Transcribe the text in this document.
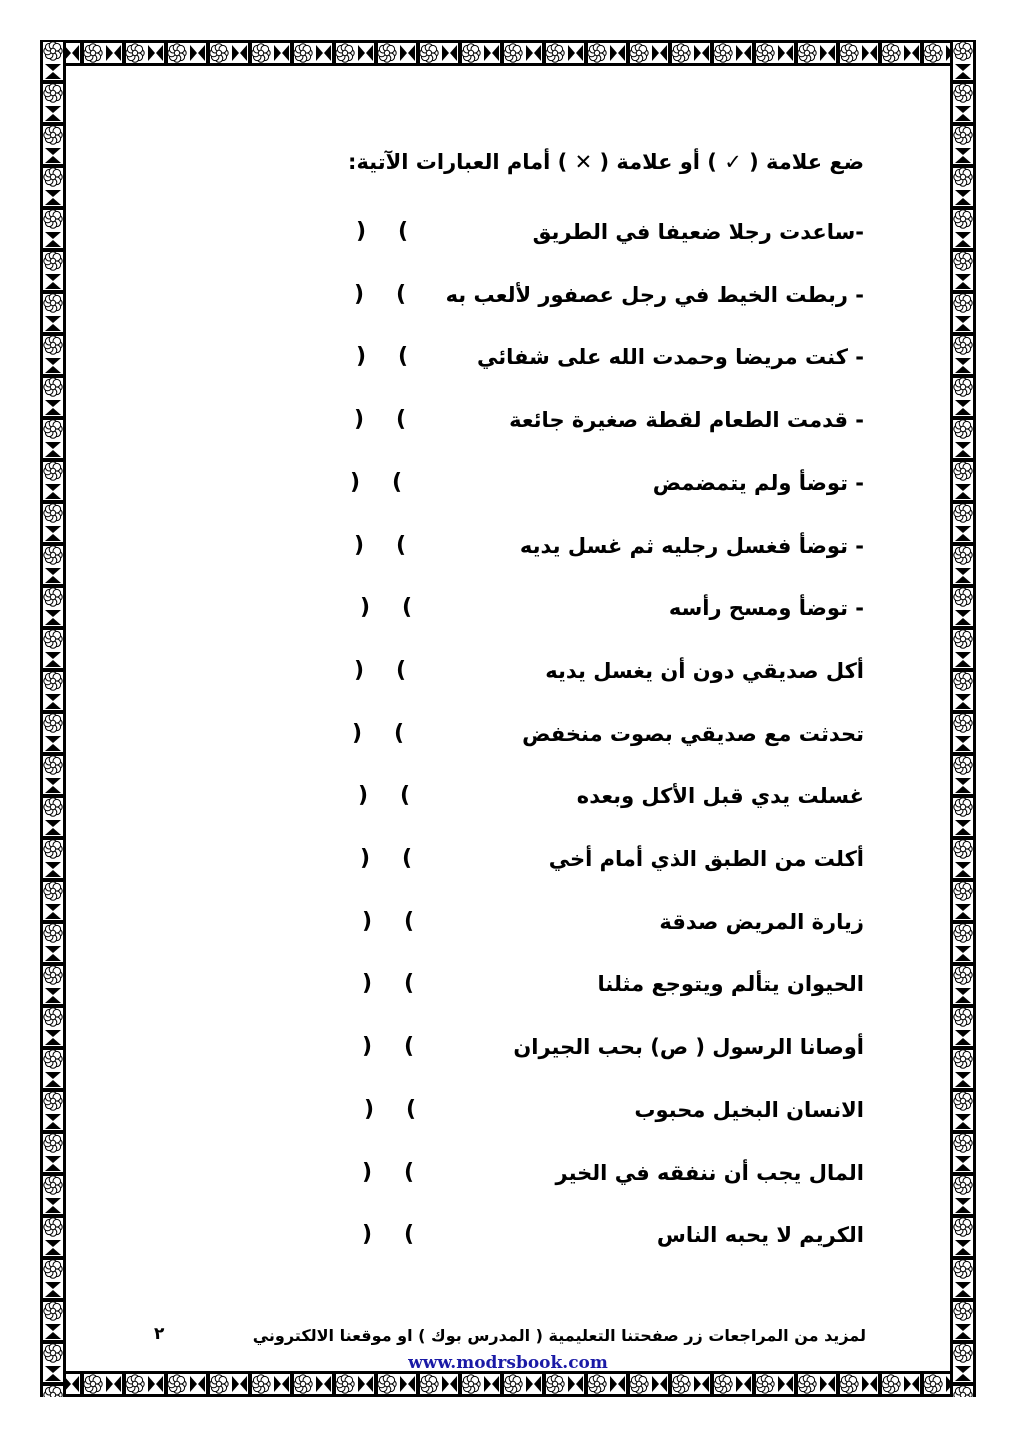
ضع علامة ( ✓ ) أو علامة ( ✕ ) أمام العبارات الآتية:
-ساعدت رجلا ضعيفا في الطريق
) (
- ربطت الخيط في رجل عصفور لألعب به
) (
- كنت مريضا وحمدت الله على شفائي
) (
- قدمت الطعام لقطة صغيرة جائعة
) (
- توضأ ولم يتمضمض
) (
- توضأ فغسل رجليه ثم غسل يديه
) (
- توضأ ومسح رأسه
) (
أكل صديقي دون أن يغسل يديه
) (
تحدثت مع صديقي بصوت منخفض
) (
غسلت يدي قبل الأكل وبعده
) (
أكلت من الطبق الذي أمام أخي
) (
زيارة المريض صدقة
) (
الحيوان يتألم ويتوجع مثلنا
) (
أوصانا الرسول ( ص) بحب الجيران
) (
الانسان البخيل محبوب
) (
المال يجب أن ننفقه في الخير
) (
الكريم لا يحبه الناس
) (
لمزيد من المراجعات زر صفحتنا التعليمية ( المدرس بوك ) او موقعنا الالكتروني
٢
www.modrsbook.com
